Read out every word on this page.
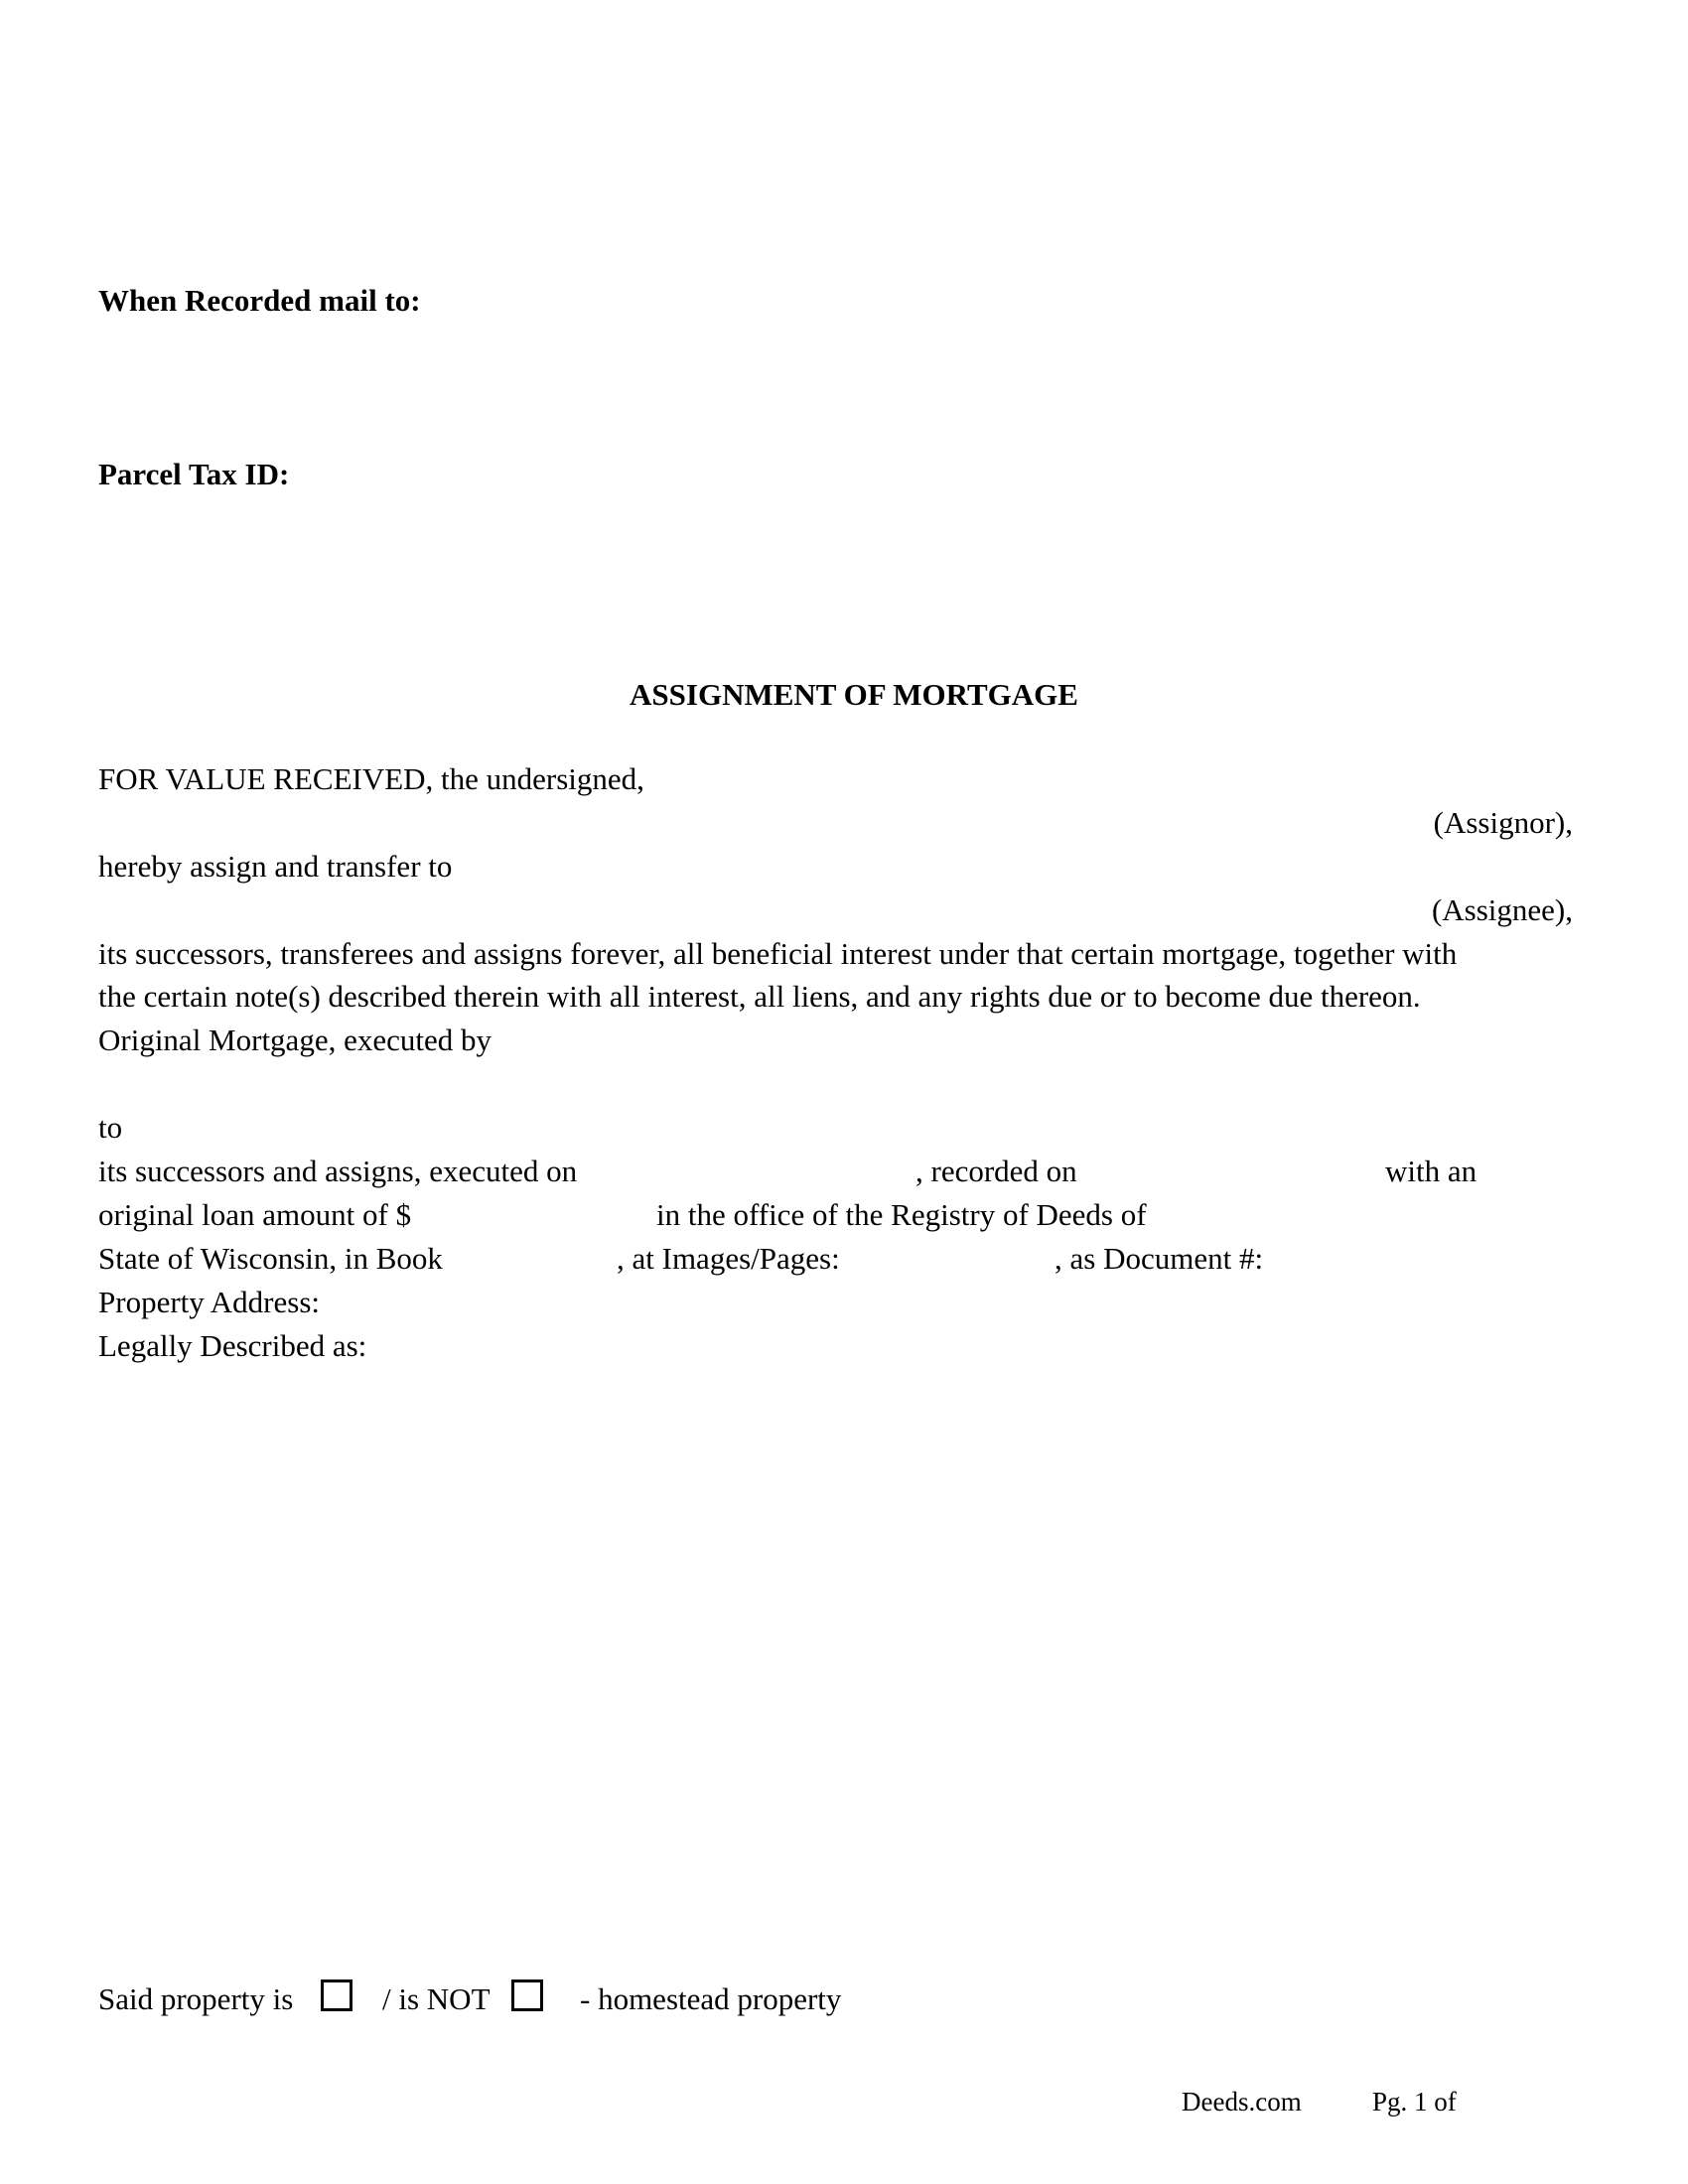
When Recorded mail to:
Parcel Tax ID:
ASSIGNMENT OF MORTGAGE
FOR VALUE RECEIVED, the undersigned,
(Assignor),
hereby assign and transfer to
(Assignee),
its successors, transferees and assigns forever, all beneficial interest under that certain mortgage, together with
the certain note(s) described therein with all interest, all liens, and any rights due or to become due thereon.
Original Mortgage, executed by
to
its successors and assigns, executed on	, recorded on	with an
original loan amount of $	in the office of the Registry of Deeds of
State of Wisconsin, in Book	, at Images/Pages:	, as Document #:
Property Address:
Legally Described as:
Said property is	/ is NOT	- homestead property
Deeds.com	Pg. 1 of
